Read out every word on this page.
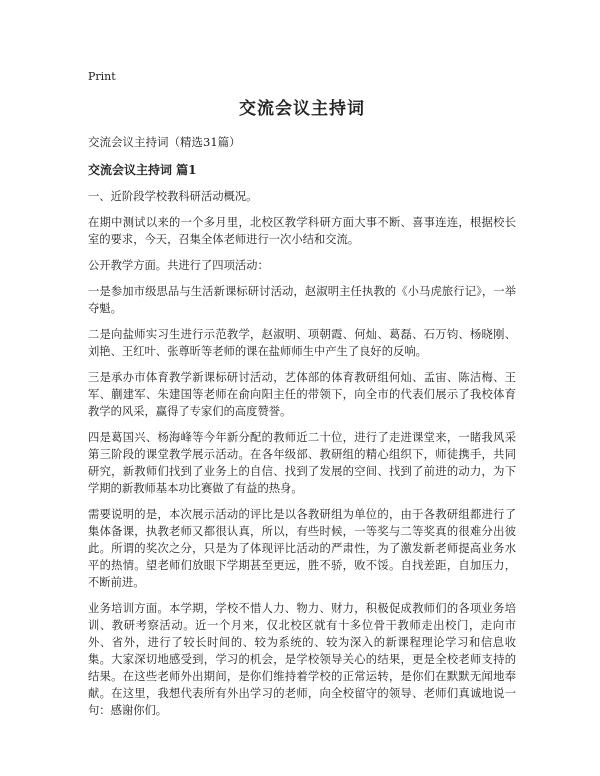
Print
交流会议主持词
交流会议主持词（精选31篇）
交流会议主持词 篇1

一、近阶段学校教科研活动概况。

在期中测试以来的一个多月里，北校区教学科研方面大事不断、喜事连连，根据校长室的要求，今天，召集全体老师进行一次小结和交流。

公开教学方面。共进行了四项活动：

一是参加市级思品与生活新课标研讨活动，赵淑明主任执教的《小马虎旅行记》，一举夺魁。

二是向盐师实习生进行示范教学，赵淑明、项朝霞、何灿、葛磊、石万钧、杨晓刚、刘艳、王红叶、张尊昕等老师的课在盐师师生中产生了良好的反响。

三是承办市体育教学新课标研讨活动，艺体部的体育教研组何灿、孟宙、陈洁梅、王军、蒯建军、朱建国等老师在俞向阳主任的带领下，向全市的代表们展示了我校体育教学的风采，赢得了专家们的高度赞誉。

四是葛国兴、杨海峰等今年新分配的教师近二十位，进行了走进课堂来，一睹我风采第三阶段的课堂教学展示活动。在各年级部、教研组的精心组织下，师徒携手，共同研究，新教师们找到了业务上的自信、找到了发展的空间、找到了前进的动力，为下学期的新教师基本功比赛做了有益的热身。

需要说明的是，本次展示活动的评比是以各教研组为单位的，由于各教研组都进行了集体备课，执教老师又都很认真，所以，有些时候，一等奖与二等奖真的很难分出彼此。所谓的奖次之分，只是为了体现评比活动的严肃性，为了激发新老师提高业务水平的热情。望老师们放眼下学期甚至更远，胜不骄，败不馁。自找差距，自加压力，不断前进。

业务培训方面。本学期，学校不惜人力、物力、财力，积极促成教师们的各项业务培训、教研考察活动。近一个月来，仅北校区就有十多位骨干教师走出校门，走向市外、省外，进行了较长时间的、较为系统的、较为深入的新课程理论学习和信息收集。大家深切地感受到，学习的机会，是学校领导关心的结果，更是全校老师支持的结果。在这些老师外出期间，是你们维持着学校的正常运转，是你们在默默无闻地奉献。在这里，我想代表所有外出学习的老师，向全校留守的领导、老师们真诚地说一句：感谢你们。
